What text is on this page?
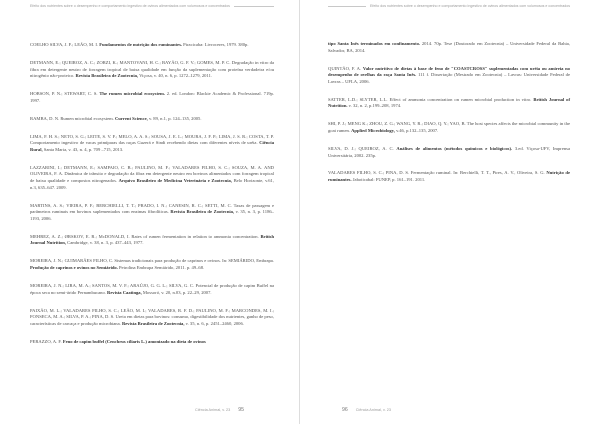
Efeito dos nutrientes sobre o desempenho e comportamento ingestivo de ovinos alimentados com volumosos e concentrados

COELHO SILVA, J. F.; LEÃO, M. I. Fundamentos de nutrição dos ruminantes. Piracicaba: Livroceres, 1979. 380p.

DETMANN, E.; QUEIROZ, A. C.; ZORZI, K.; MANTOVANI, H. C.; BAYÃO, G. F. V.; GOMES, M. P. C. Degradação in vitro da fibra em detergente neutro de forragem tropical de baixa qualidade em função da suplementação com proteína verdadeira e/ou nitrogênio não-proteico. Revista Brasileira de Zootecnia, Viçosa, v. 40, n. 6, p. 1272–1279, 2011.

HOBSON, P. N.; STEWART, C. S. The rumen microbial ecosystem. 2. ed. London: Blackie Academic & Professional. 719p. 1997.

RAMBA, D. N. Rumen microbial ecosystem. Current Science, v. 89, n.1, p. 124–135, 2005.

LIMA, F. H. S.; NETO, S. G.; LEITE, S. V. F.; MELO, A. A. S.; SOUSA, J. E. L.; MOURA, J. F. P.; LIMA, J. S. R.; COSTA, T. P. Comportamento ingestivo de vacas primíparas das raças Guzerá e Sindi recebendo dietas com diferentes níveis de uréia. Ciência Rural, Santa Maria, v. 43, n. 4, p. 709 –715, 2013.

LAZZARINI, I.; DETMANN, E.; SAMPAIO, C. B.; PAULINO, M. F.; VALADARES FILHO, S. C.; SOUZA, M. A. AND OLIVEIRA, F. A. Dinâmica de trânsito e degradação da fibra em detergente neutro em bovinos alimentados com forragem tropical de baixa qualidade e compostos nitrogenados. Arquivo Brasileiro de Medicina Veterinária e Zootecnia, Belo Horizonte, v.61, n.3, 635–647. 2009.

MARTINS, A. S.; VIEIRA, P. F.; BERCHIELLI, T. T.; PRADO, I. N.; CANESIN, R. C.; SETTI, M. C. Taxas de passagem e parâmetros ruminais em bovinos suplementados com enzimas fibrolíticas. Revista Brasileira de Zootecnia, v. 35, n. 3, p. 1186–1193, 2006.

MEHREZ, A. Z.; ØRSKOV, E. R.; McDONALD, I. Rates of rumen fermentation in relation to ammonia concentration. British Journal Nutrition, Cambridge, v. 38, n. 3, p. 437–443, 1977.

MOREIRA, J. N.; GUIMARÃES FILHO, C. Sistemas tradicionais para produção de caprinos e ovinos. In: SEMIÁRIDO, Embrapa. Produção de caprinos e ovinos no Semiárido. Petrolina Embrapa Semiárido, 2011. p. 49–68.

MOREIRA, J. N.; LIRA, M. A.; SANTOS, M. V. F.; ARAÚJO, G. G. L.; SILVA, G. C. Potencial de produção de capim Buffel na época seca no semi-árido Pernambucano. Revista Caatinga, Mossoró, v. 20, n.03, p. 22–29, 2007.

PAIXÃO, M. L.; VALADARES FILHO, S. C.; LEÃO, M. I.; VALADARES, R. F. D.; PAULINO, M. F.; MARCONDES, M. I.; FONSECA, M. A.; SILVA, P. A.; PINA, D. S. Ureia em dietas para bovinos: consumo, digestibilidade dos nutrientes, ganho de peso, características de carcaça e produção microbiana. Revista Brasileira de Zootecnia, v. 35, n. 6, p. 2451–2460, 2006.

PERAZZO, A. F. Feno de capim buffel (Cenchrus ciliaris L.) amonizado na dieta de ovinos

Ciência Animal, v. 23 95
Efeito dos nutrientes sobre o desempenho e comportamento ingestivo de ovinos alimentados com volumosos e concentrados

tipo Santa Inês terminados em confinamento. 2014. 70p. Tese (Doutorado em Zootecnia) – Universidade Federal da Bahia, Salvador, BA, 2014.

QUINTÃO, F. A. Valor nutritivo de dietas à base de feno de "COASTCROSS" suplementadas com uréia ou amireia no desempenho de ovelhas da raça Santa Inês. 111 f. Dissertação (Mestrado em Zootecnia) – Lavras: Universidade Federal de Lavras – UFLA, 2006.

SATTER, L.D.; SLYTER, L.L. Effect of ammonia concentration on rumen microbial production in vitro. British Journal of Nutrition. v. 32, n. 2, p.199–208, 1974.

SHI, P. J.; MENG K.; ZHOU, Z. G.; WANG, Y. R.; DIAO, Q. Y.; YAO, B. The host species affects the microbial community in the goat rumen. Applied Microbiology, v.46, p.132–135, 2007.

SILVA, D. J.; QUEIROZ, A. C. Análises de alimentos (métodos químicos e biológicos). 3.ed. Viçosa-UFV, Imprensa Universitária, 2002. 235p.

VALADARES FILHO, S. C.; PINA, D. S. Fermentação ruminal. In: Berchielli, T. T., Pires, A. V., Oliveira, S. G. Nutrição de ruminantes. Jaboticabal: FUNEP, p. 161–191. 2011.

96 Ciência Animal, v. 23
